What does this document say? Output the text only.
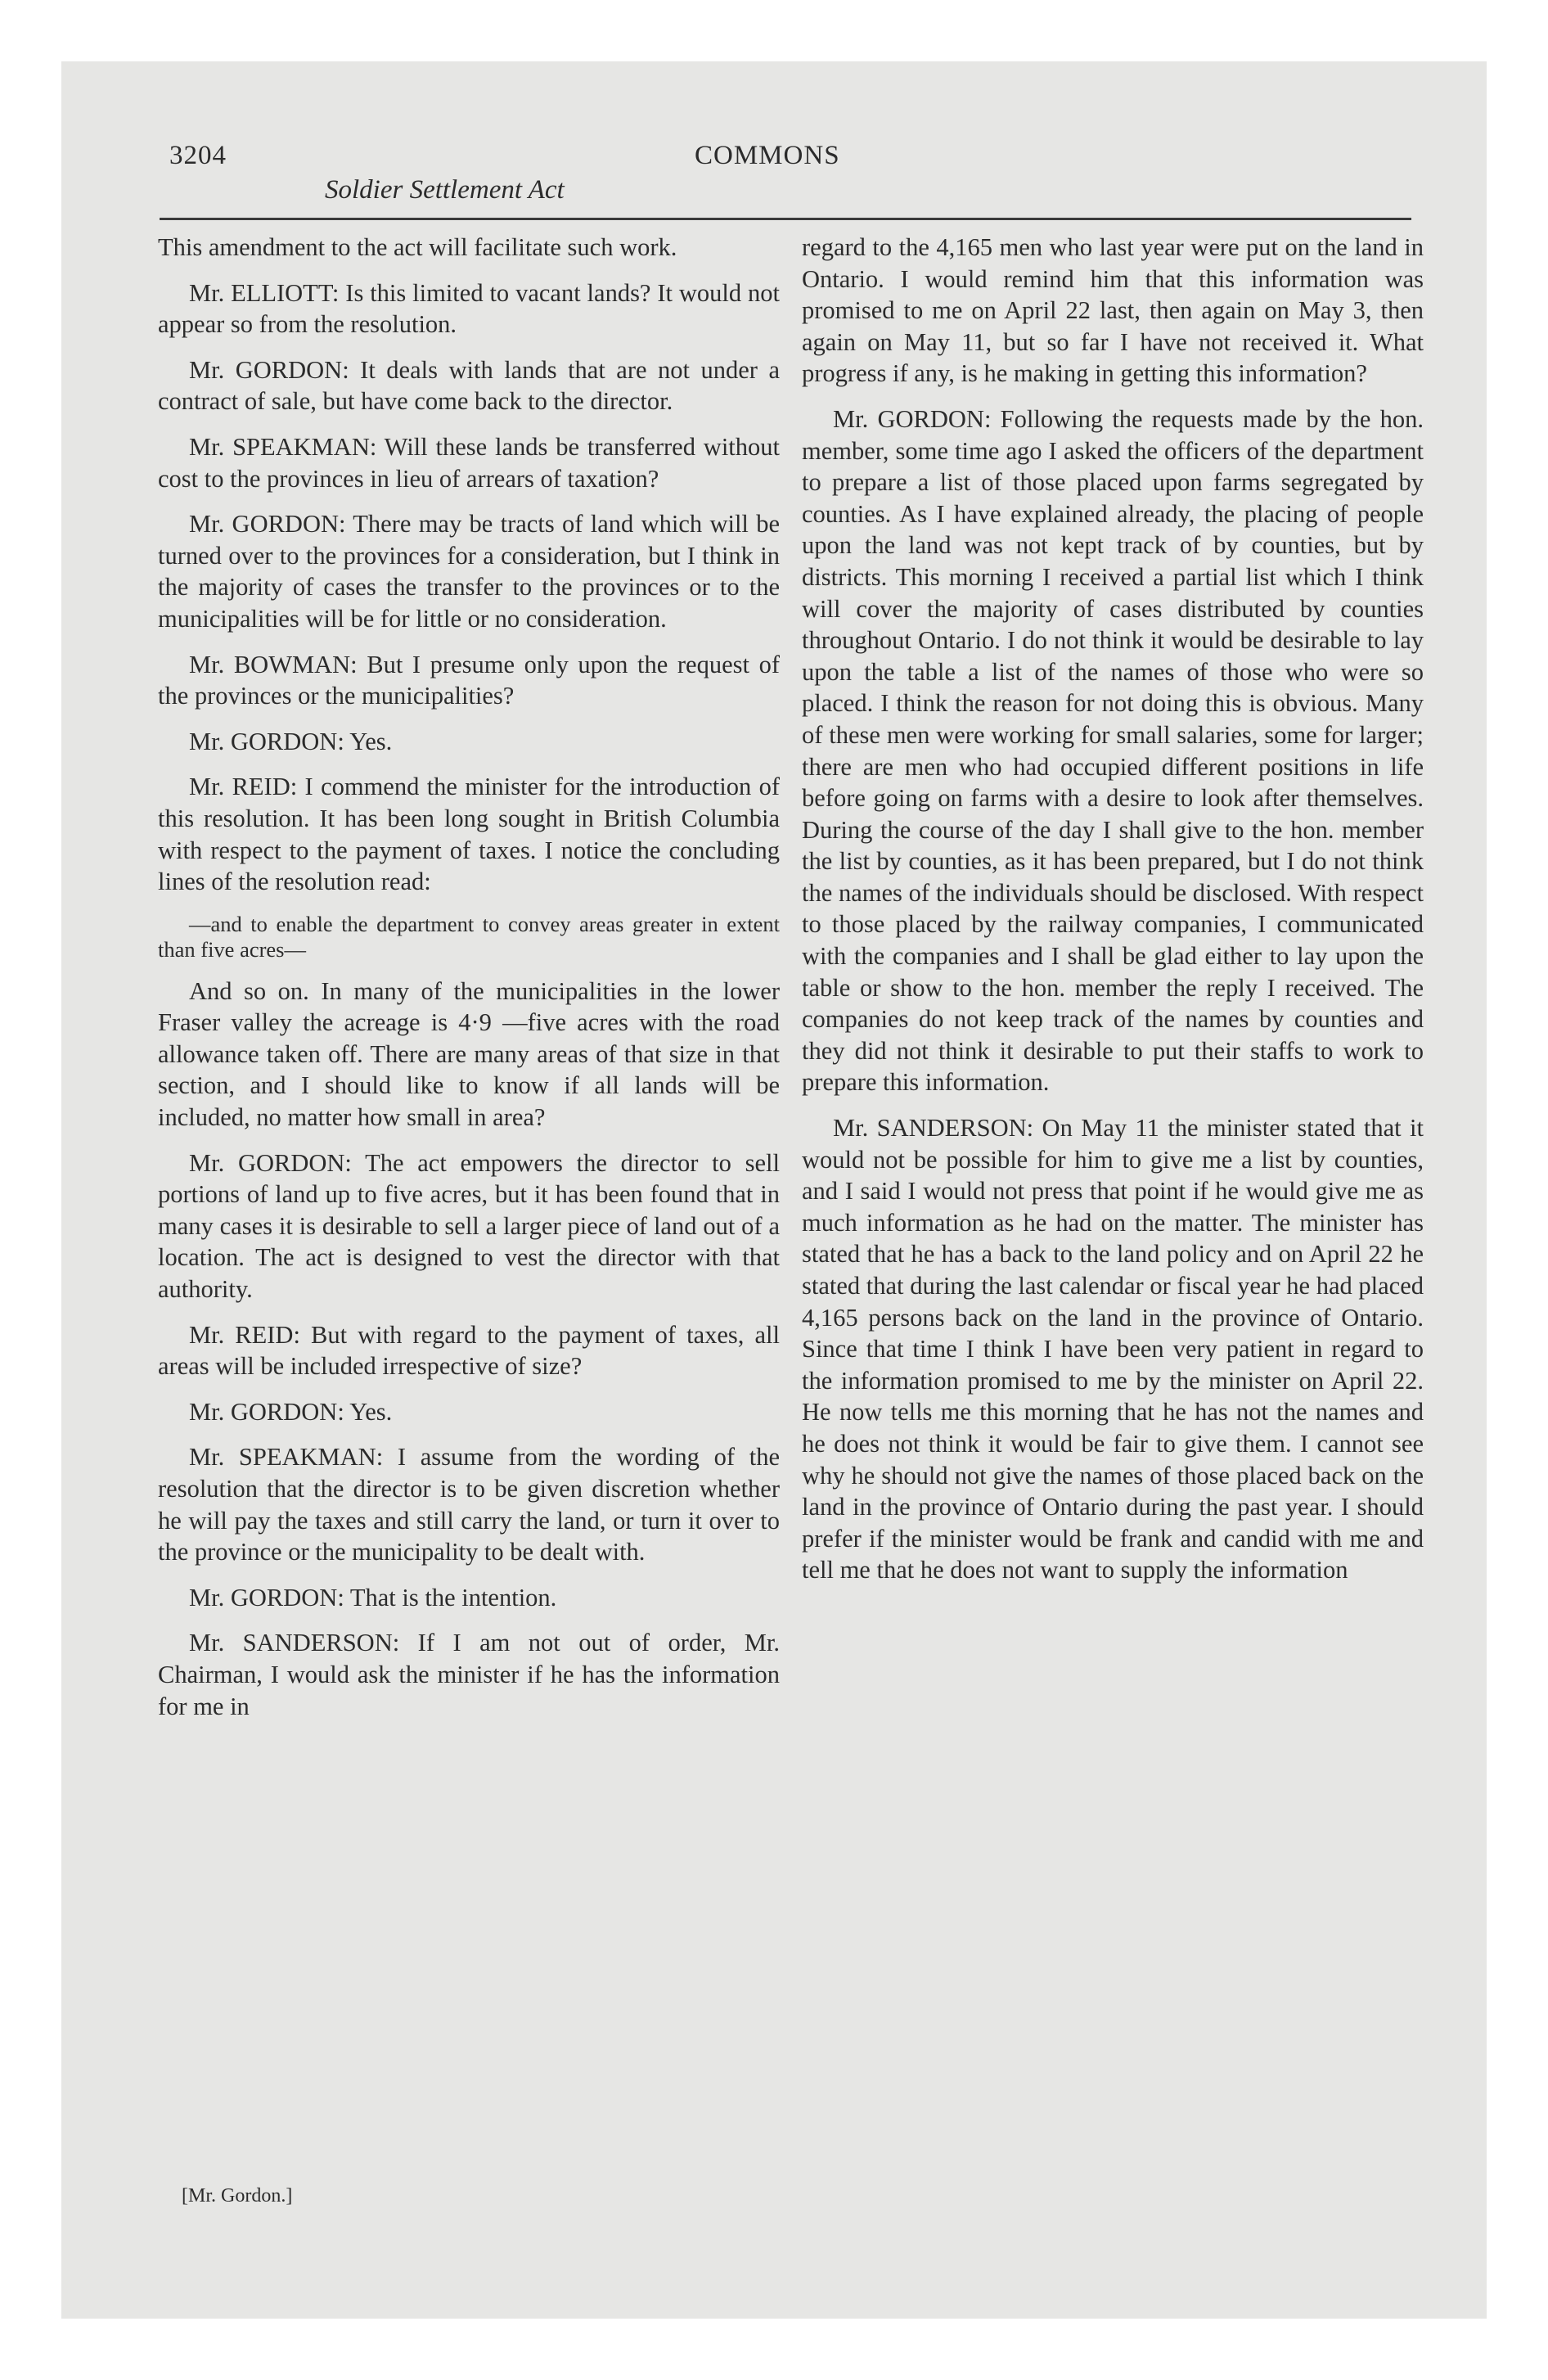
3204
Soldier Settlement Act
COMMONS

This amendment to the act will facilitate such work.

Mr. ELLIOTT: Is this limited to vacant lands? It would not appear so from the resolution.

Mr. GORDON: It deals with lands that are not under a contract of sale, but have come back to the director.

Mr. SPEAKMAN: Will these lands be transferred without cost to the provinces in lieu of arrears of taxation?

Mr. GORDON: There may be tracts of land which will be turned over to the provinces for a consideration, but I think in the majority of cases the transfer to the provinces or to the municipalities will be for little or no consideration.

Mr. BOWMAN: But I presume only upon the request of the provinces or the municipalities?

Mr. GORDON: Yes.

Mr. REID: I commend the minister for the introduction of this resolution. It has been long sought in British Columbia with respect to the payment of taxes. I notice the concluding lines of the resolution read:

—and to enable the department to convey areas greater in extent than five acres—

And so on. In many of the municipalities in the lower Fraser valley the acreage is 4·9 —five acres with the road allowance taken off. There are many areas of that size in that section, and I should like to know if all lands will be included, no matter how small in area?

Mr. GORDON: The act empowers the director to sell portions of land up to five acres, but it has been found that in many cases it is desirable to sell a larger piece of land out of a location. The act is designed to vest the director with that authority.

Mr. REID: But with regard to the payment of taxes, all areas will be included irrespective of size?

Mr. GORDON: Yes.

Mr. SPEAKMAN: I assume from the wording of the resolution that the director is to be given discretion whether he will pay the taxes and still carry the land, or turn it over to the province or the municipality to be dealt with.

Mr. GORDON: That is the intention.

Mr. SANDERSON: If I am not out of order, Mr. Chairman, I would ask the minister if he has the information for me in

[Mr. Gordon.]

regard to the 4,165 men who last year were put on the land in Ontario. I would remind him that this information was promised to me on April 22 last, then again on May 3, then again on May 11, but so far I have not received it. What progress if any, is he making in getting this information?

Mr. GORDON: Following the requests made by the hon. member, some time ago I asked the officers of the department to prepare a list of those placed upon farms segregated by counties. As I have explained already, the placing of people upon the land was not kept track of by counties, but by districts. This morning I received a partial list which I think will cover the majority of cases distributed by counties throughout Ontario. I do not think it would be desirable to lay upon the table a list of the names of those who were so placed. I think the reason for not doing this is obvious. Many of these men were working for small salaries, some for larger; there are men who had occupied different positions in life before going on farms with a desire to look after themselves. During the course of the day I shall give to the hon. member the list by counties, as it has been prepared, but I do not think the names of the individuals should be disclosed. With respect to those placed by the railway companies, I communicated with the companies and I shall be glad either to lay upon the table or show to the hon. member the reply I received. The companies do not keep track of the names by counties and they did not think it desirable to put their staffs to work to prepare this information.

Mr. SANDERSON: On May 11 the minister stated that it would not be possible for him to give me a list by counties, and I said I would not press that point if he would give me as much information as he had on the matter. The minister has stated that he has a back to the land policy and on April 22 he stated that during the last calendar or fiscal year he had placed 4,165 persons back on the land in the province of Ontario. Since that time I think I have been very patient in regard to the information promised to me by the minister on April 22. He now tells me this morning that he has not the names and he does not think it would be fair to give them. I cannot see why he should not give the names of those placed back on the land in the province of Ontario during the past year. I should prefer if the minister would be frank and candid with me and tell me that he does not want to supply the information
